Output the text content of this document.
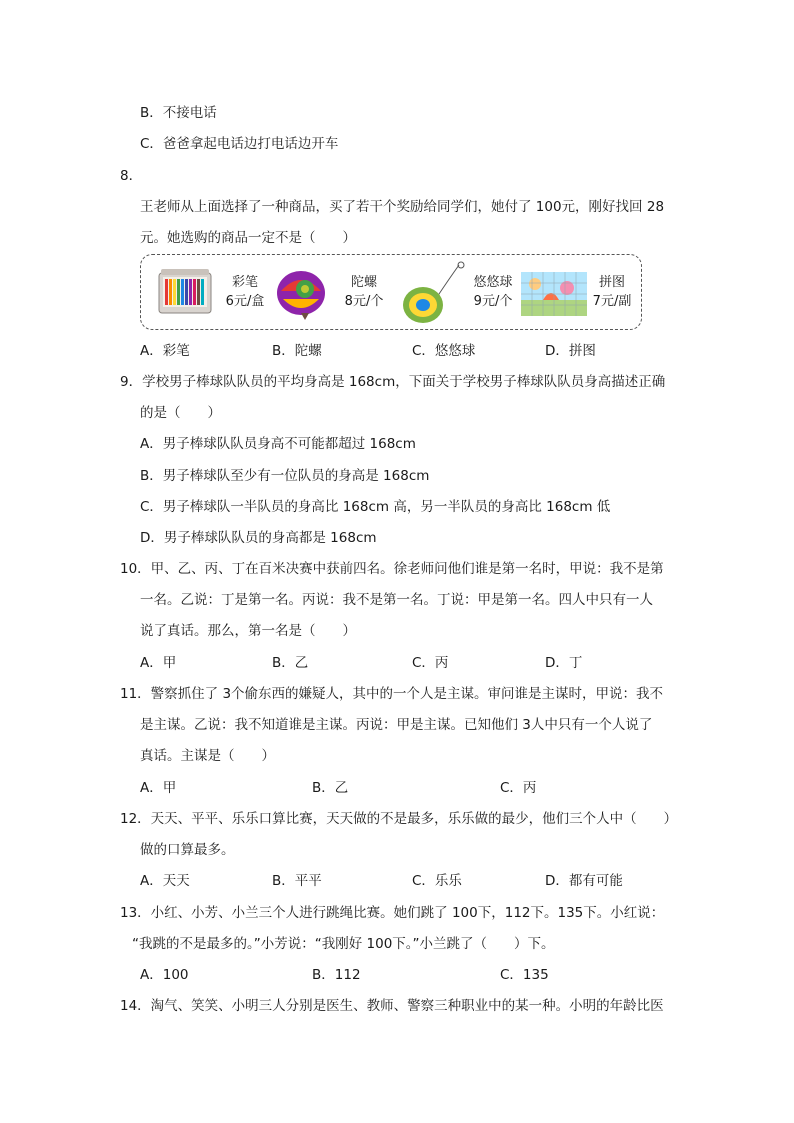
B．不接电话
C．爸爸拿起电话边打电话边开车
8．
王老师从上面选择了一种商品，买了若干个奖励给同学们，她付了 100元，刚好找回 28
元。她选购的商品一定不是（　　）
彩笔
6元/盒
陀螺
8元/个
悠悠球
9元/个
拼图
7元/副
A．彩笔	B．陀螺	C．悠悠球	D．拼图
9．学校男子棒球队队员的平均身高是 168cm，下面关于学校男子棒球队队员身高描述正确
的是（　　）
A．男子棒球队队员身高不可能都超过 168cm
B．男子棒球队至少有一位队员的身高是 168cm
C．男子棒球队一半队员的身高比 168cm 高，另一半队员的身高比 168cm 低
D．男子棒球队队员的身高都是 168cm
10．甲、乙、丙、丁在百米决赛中获前四名。徐老师问他们谁是第一名时，甲说：我不是第
一名。乙说：丁是第一名。丙说：我不是第一名。丁说：甲是第一名。四人中只有一人
说了真话。那么，第一名是（　　）
A．甲	B．乙	C．丙	D．丁
11．警察抓住了 3个偷东西的嫌疑人，其中的一个人是主谋。审问谁是主谋时，甲说：我不
是主谋。乙说：我不知道谁是主谋。丙说：甲是主谋。已知他们 3人中只有一个人说了
真话。主谋是（　　）
A．甲	B．乙	C．丙
12．天天、平平、乐乐口算比赛，天天做的不是最多，乐乐做的最少，他们三个人中（　　）
做的口算最多。
A．天天	B．平平	C．乐乐	D．都有可能
13．小红、小芳、小兰三个人进行跳绳比赛。她们跳了 100下，112下。135下。小红说：
“我跳的不是最多的。”小芳说：“我刚好 100下。”小兰跳了（　　）下。
A．100	B．112	C．135
14．淘气、笑笑、小明三人分别是医生、教师、警察三种职业中的某一种。小明的年龄比医
